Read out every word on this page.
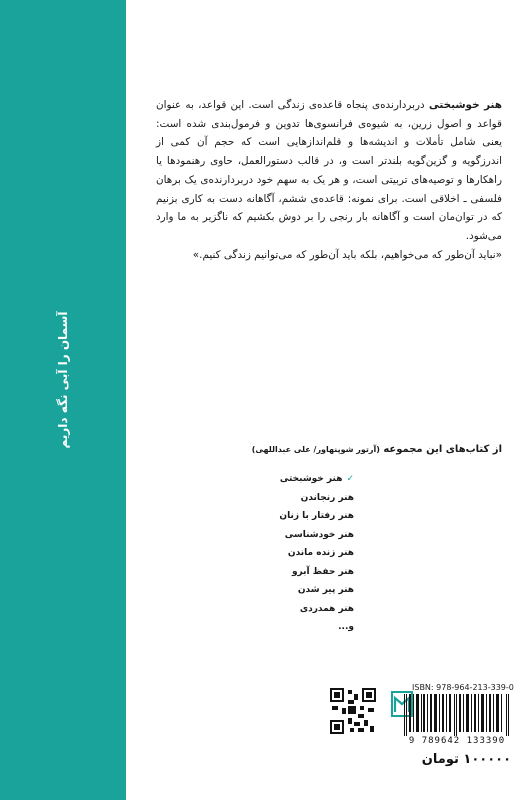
آسمان را آبی نگه داریم
هنر خوشبختی دربردارنده‌ی پنجاه قاعده‌ی زندگی است. این قواعد، به عنوان قواعد و اصول زرین، به شیوه‌ی فرانسوی‌ها تدوین و فرمول‌بندی شده است: یعنی شامل تأملات و اندیشه‌ها و قلم‌اندازهایی است که حجم آن کمی از اندرزگویه و گزین‌گویه بلندتر است و، در قالب دستورالعمل، حاوی رهنمودها یا راهکارها و توصیه‌های تربیتی است، و هر یک به سهم خود دربردارنده‌ی یک برهان فلسفی ـ اخلاقی است. برای نمونه: قاعده‌ی ششم، آگاهانه دست به کاری بزنیم که در توان‌مان است و آگاهانه بار رنجی را بر دوش بکشیم که ناگزیر به ما وارد می‌شود.
«نباید آن‌طور که می‌خواهیم، بلکه باید آن‌طور که می‌توانیم زندگی کنیم.»
از کتاب‌های این مجموعه (آرتور شوپنهاور/ علی عبداللهی)
✓هنر خوشبختی
هنر رنجاندن
هنر رفتار با زنان
هنر خودشناسی
هنر زنده ماندن
هنر حفظ آبرو
هنر پیر شدن
هنر همدردی
و...
ISBN: 978-964-213-339-0
9 789642 133390
۱۰۰۰۰۰ تومان
